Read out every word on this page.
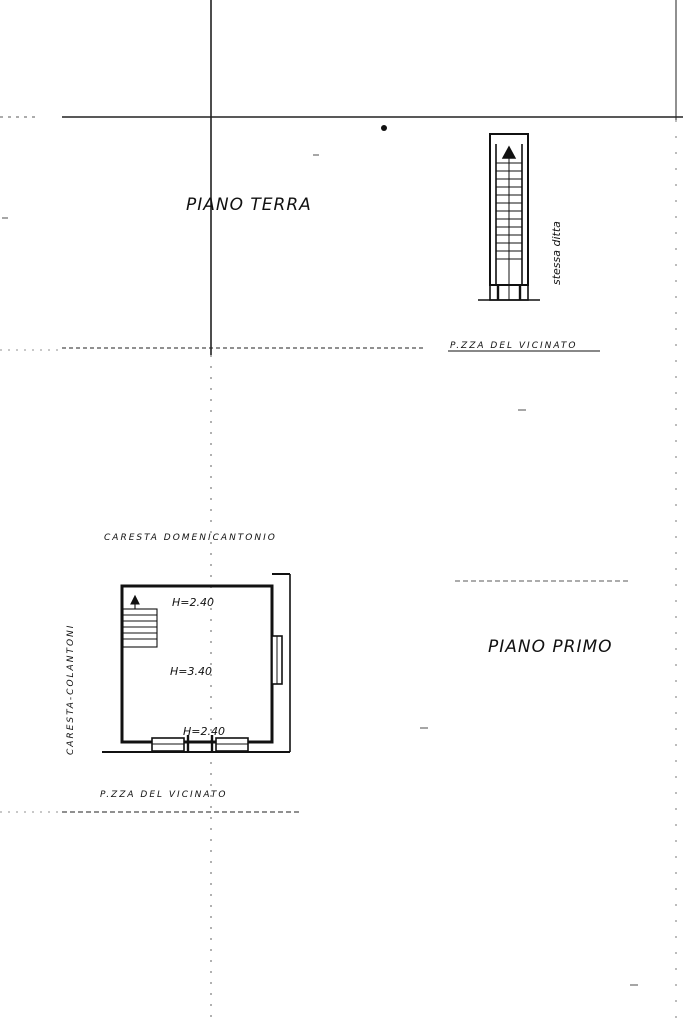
PIANO TERRA
PIANO PRIMO
P.ZZA DEL VICINATO
stessa ditta
CARESTA DOMENICANTONIO
CARESTA-COLANTONI
P.ZZA DEL VICINATO
H=2.40
H=3.40
H=2.40
